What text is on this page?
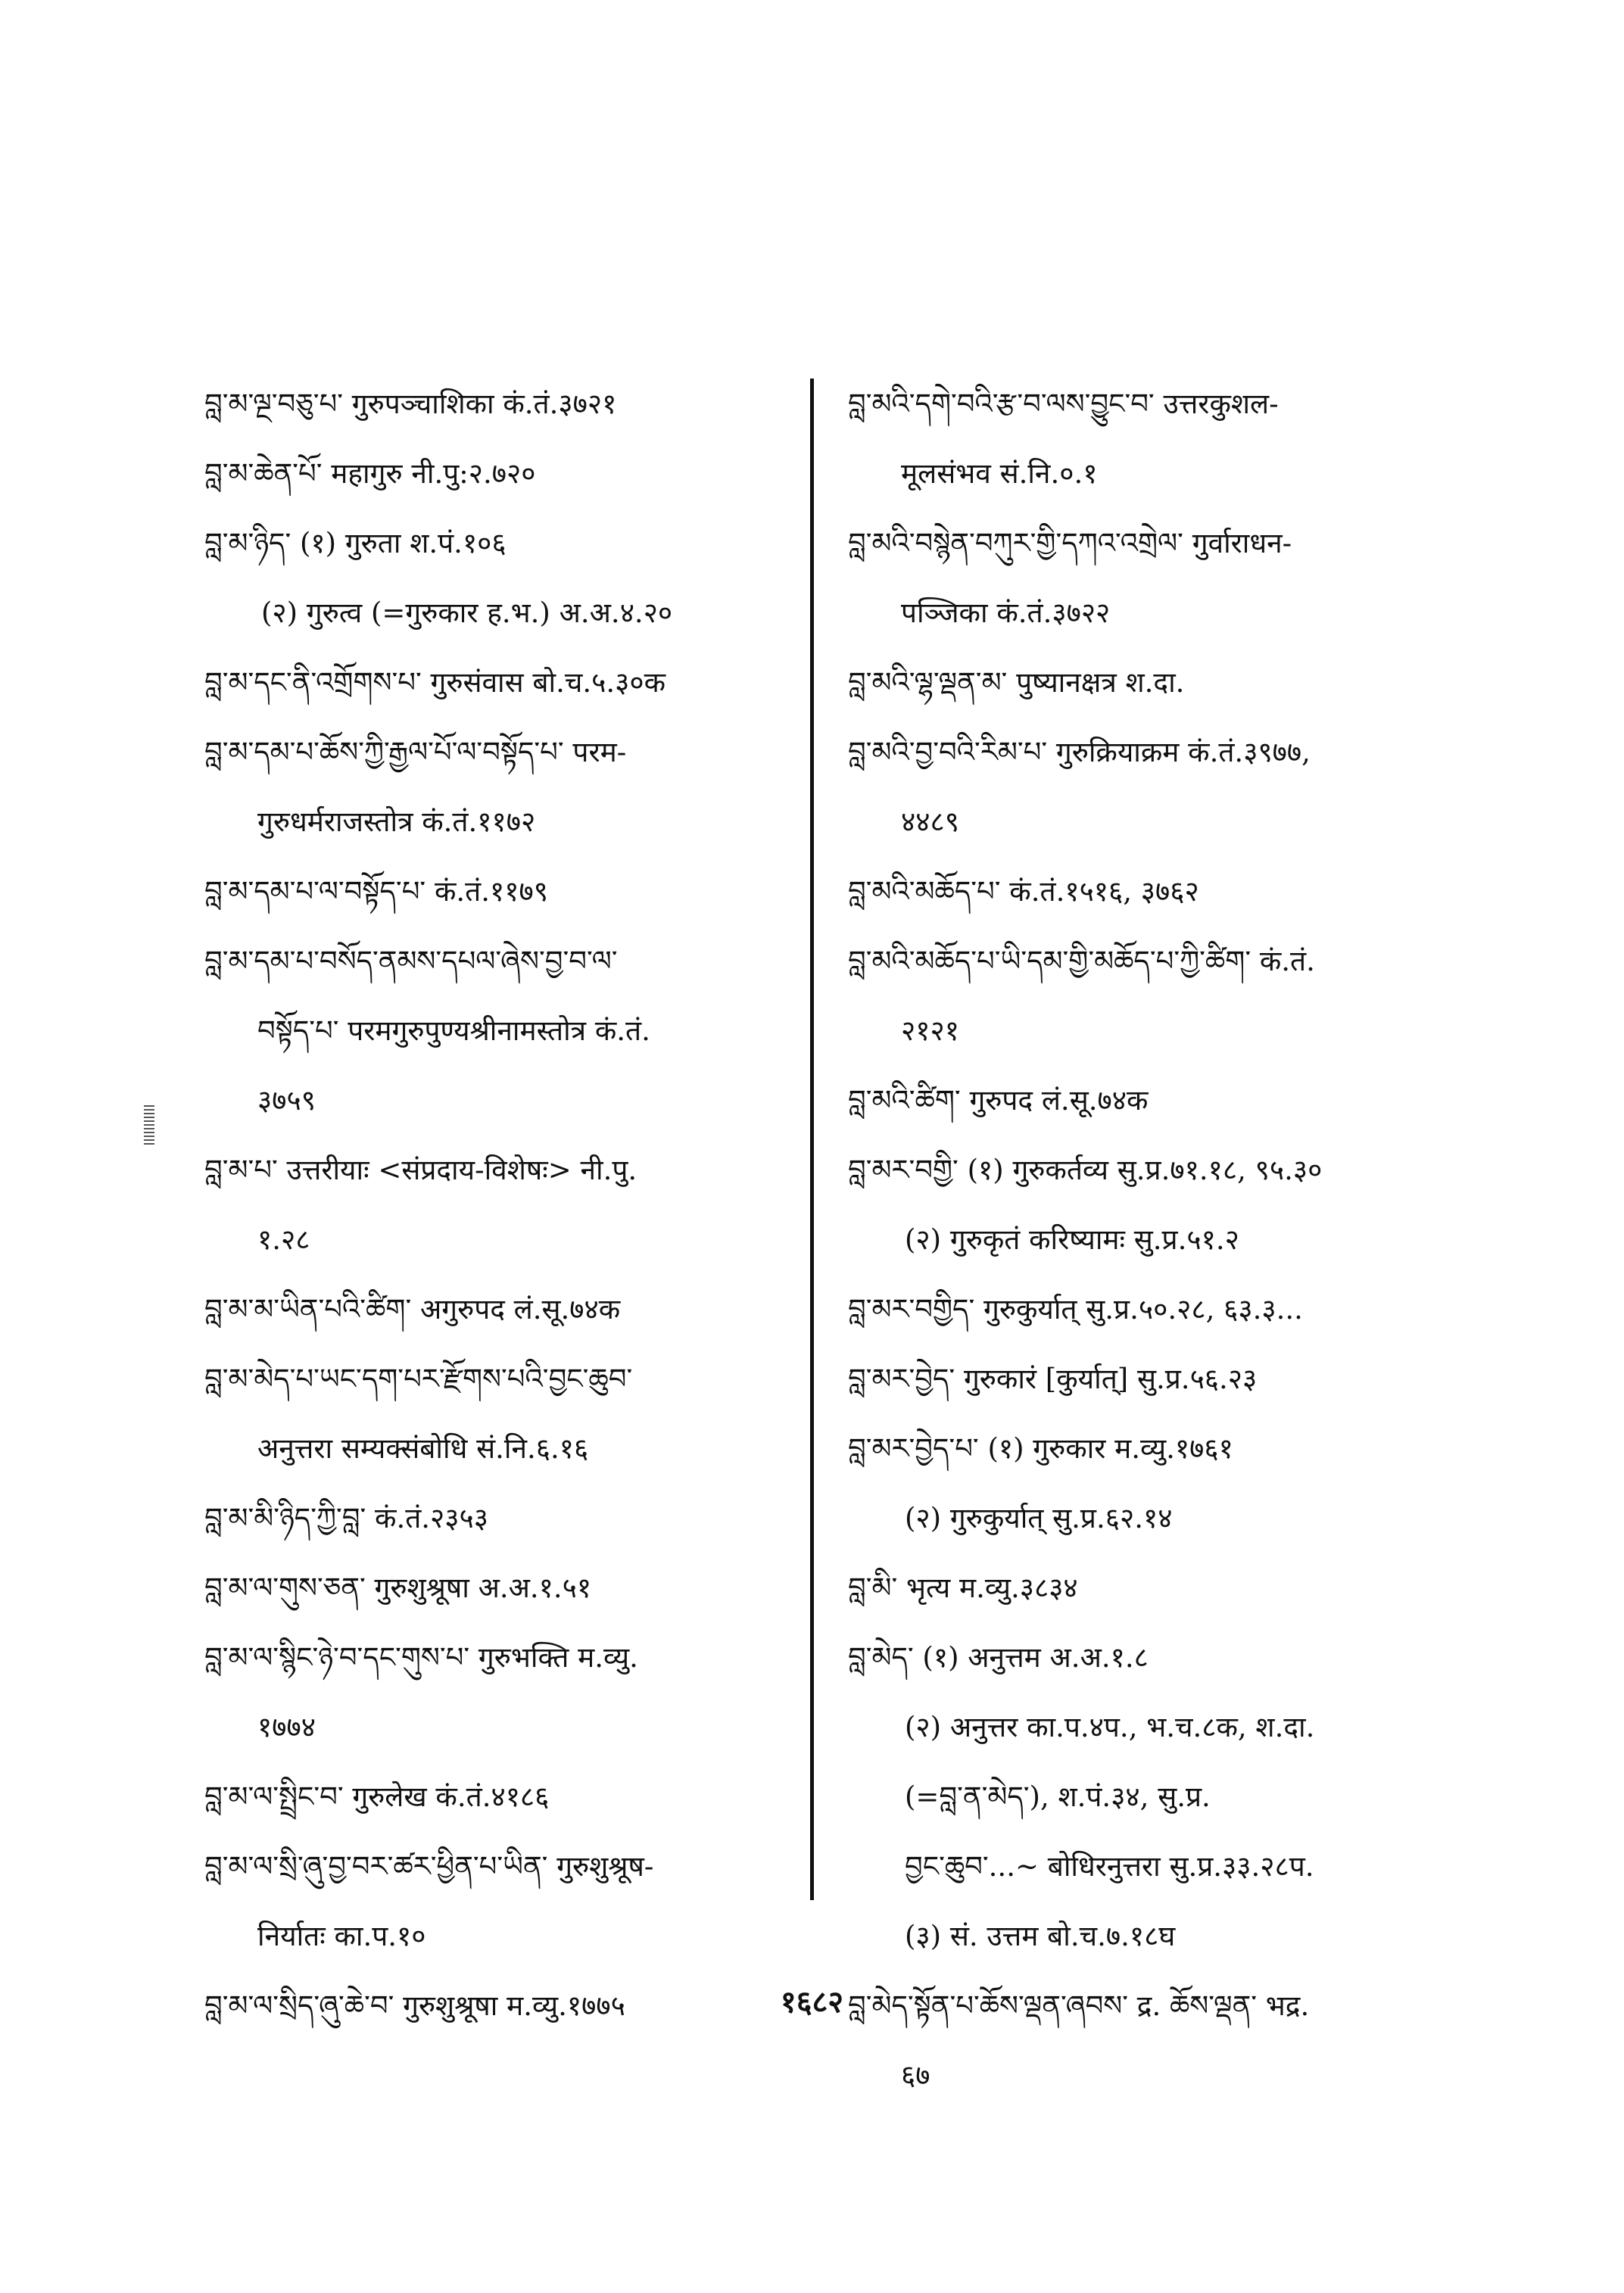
བླ་མ་ལྔ་བཅུ་པ་ गुरुपञ्चाशिका कं.तं.३७२१
བླ་མ་ཆེན་པོ་ महागुरु नी.पु:२.७२०
བླ་མ་ཉིད་ (१) गुरुता श.पं.१०६
(२) गुरुत्व (=गुरुकार ह.भ.) अ.अ.४.२०
བླ་མ་དང་ནི་འགྲོགས་པ་ गुरुसंवास बो.च.५.३०क
བླ་མ་དམ་པ་ཆོས་ཀྱི་རྒྱལ་པོ་ལ་བསྟོད་པ་ परम-
गुरुधर्मराजस्तोत्र कं.तं.११७२
བླ་མ་དམ་པ་ལ་བསྟོད་པ་ कं.तं.११७९
བླ་མ་དམ་པ་བསོད་ནམས་དཔལ་ཞེས་བྱ་བ་ལ་
བསྟོད་པ་ परमगुरुपुण्यश्रीनामस्तोत्र कं.तं.
३७५९
བླ་མ་པ་ उत्तरीयाः <संप्रदाय-विशेषः> नी.पु.
१.२८
བླ་མ་མ་ཡིན་པའི་ཚིག་ अगुरुपद लं.सू.७४क
བླ་མ་མེད་པ་ཡང་དག་པར་རྫོགས་པའི་བྱང་ཆུབ་
अनुत्तरा सम्यक्संबोधि सं.नि.६.१६
བླ་མ་མི་ཉིད་ཀྱི་བླ་ कं.तं.२३५३
བླ་མ་ལ་གུས་ཅན་ गुरुशुश्रूषा अ.अ.१.५१
བླ་མ་ལ་སྙིང་ཉེ་བ་དང་གུས་པ་ गुरुभक्ति म.व्यु.
१७७४
བླ་མ་ལ་སྤྲིང་བ་ गुरुलेख कं.तं.४१८६
བླ་མ་ལ་སྲི་ཞུ་བྱ་བར་ཚར་ཕྱིན་པ་ཡིན་ गुरुशुश्रूष-
निर्यातः का.प.१०
བླ་མ་ལ་སྲིད་ཞུ་ཆེ་བ་ गुरुशुश्रूषा म.व्यु.१७७५
བླ་མའི་དགེ་བའི་རྩ་བ་ལས་བྱུང་བ་ उत्तरकुशल-
मूलसंभव सं.नि.०.१
བླ་མའི་བསྙེན་བཀུར་གྱི་དཀའ་འགྲེལ་ गुर्वाराधन-
पञ्जिका कं.तं.३७२२
བླ་མའི་ལྷ་ལྡན་མ་ पुष्यानक्षत्र श.दा.
བླ་མའི་བྱ་བའི་རིམ་པ་ गुरुक्रियाक्रम कं.तं.३९७७,
४४८९
བླ་མའི་མཆོད་པ་ कं.तं.१५१६, ३७६२
བླ་མའི་མཆོད་པ་ཡི་དམ་གྱི་མཆོད་པ་ཀྱི་ཚིག་ कं.तं.
२१२१
བླ་མའི་ཚིག་ गुरुपद लं.सू.७४क
བླ་མར་བགྱི་ (१) गुरुकर्तव्य सु.प्र.७१.१८, ९५.३०
(२) गुरुकृतं करिष्यामः सु.प्र.५१.२
བླ་མར་བགྱིད་ गुरुकुर्यात् सु.प्र.५०.२८, ६३.३...
བླ་མར་བྱེད་ गुरुकारं [कुर्यात्] सु.प्र.५६.२३
བླ་མར་བྱེད་པ་ (१) गुरुकार म.व्यु.१७६१
(२) गुरुकुर्यात् सु.प्र.६२.१४
བླ་མི་ भृत्य म.व्यु.३८३४
བླ་མེད་ (१) अनुत्तम अ.अ.१.८
(२) अनुत्तर का.प.४प., भ.च.८क, श.दा.
(=བླ་ན་མེད་), श.पं.३४, सु.प्र.
བྱང་ཆུབ་...~ बोधिरनुत्तरा सु.प्र.३३.२८प.
(३) सं. उत्तम बो.च.७.१८घ
བླ་མེད་སྟོན་པ་ཆོས་ལྡན་ཞབས་ द्र. ཆོས་ལྡན་ भद्र.
६७
१६८२
